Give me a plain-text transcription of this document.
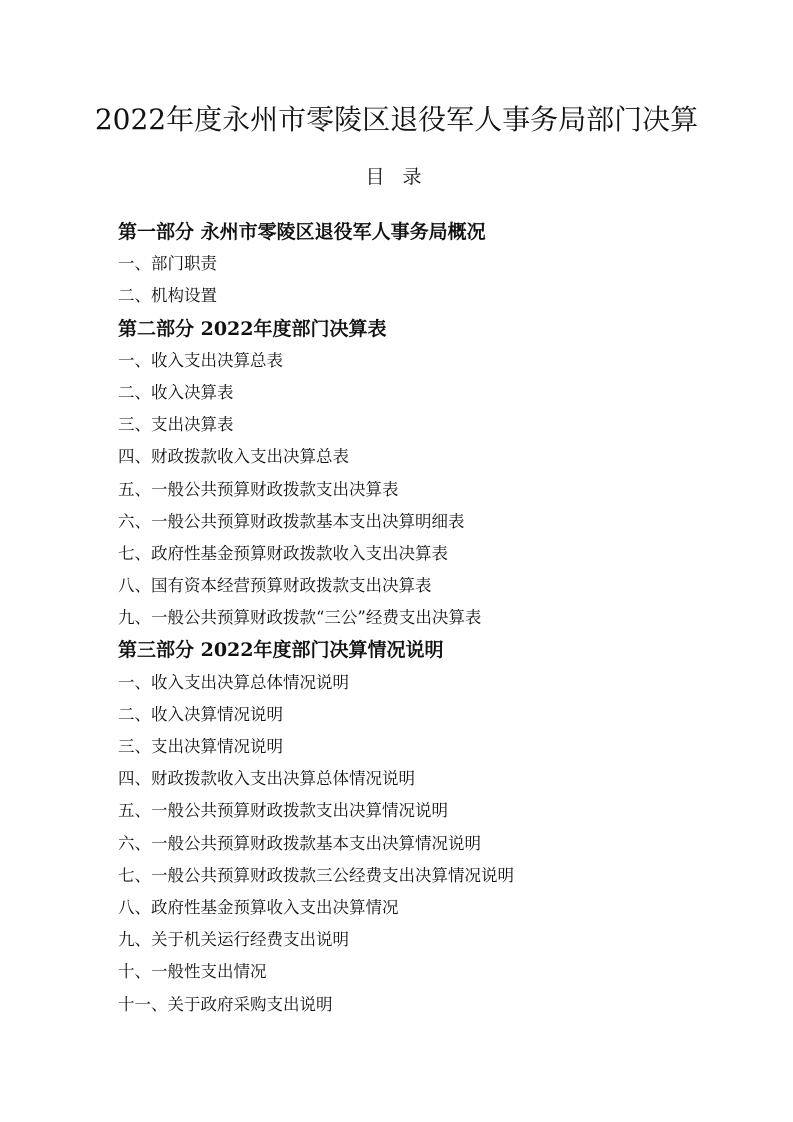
2022年度永州市零陵区退役军人事务局部门决算
目 录
第一部分 永州市零陵区退役军人事务局概况
一、部门职责
二、机构设置
第二部分 2022年度部门决算表
一、收入支出决算总表
二、收入决算表
三、支出决算表
四、财政拨款收入支出决算总表
五、一般公共预算财政拨款支出决算表
六、一般公共预算财政拨款基本支出决算明细表
七、政府性基金预算财政拨款收入支出决算表
八、国有资本经营预算财政拨款支出决算表
九、一般公共预算财政拨款“三公”经费支出决算表
第三部分 2022年度部门决算情况说明
一、收入支出决算总体情况说明
二、收入决算情况说明
三、支出决算情况说明
四、财政拨款收入支出决算总体情况说明
五、一般公共预算财政拨款支出决算情况说明
六、一般公共预算财政拨款基本支出决算情况说明
七、一般公共预算财政拨款三公经费支出决算情况说明
八、政府性基金预算收入支出决算情况
九、关于机关运行经费支出说明
十、一般性支出情况
十一、关于政府采购支出说明
